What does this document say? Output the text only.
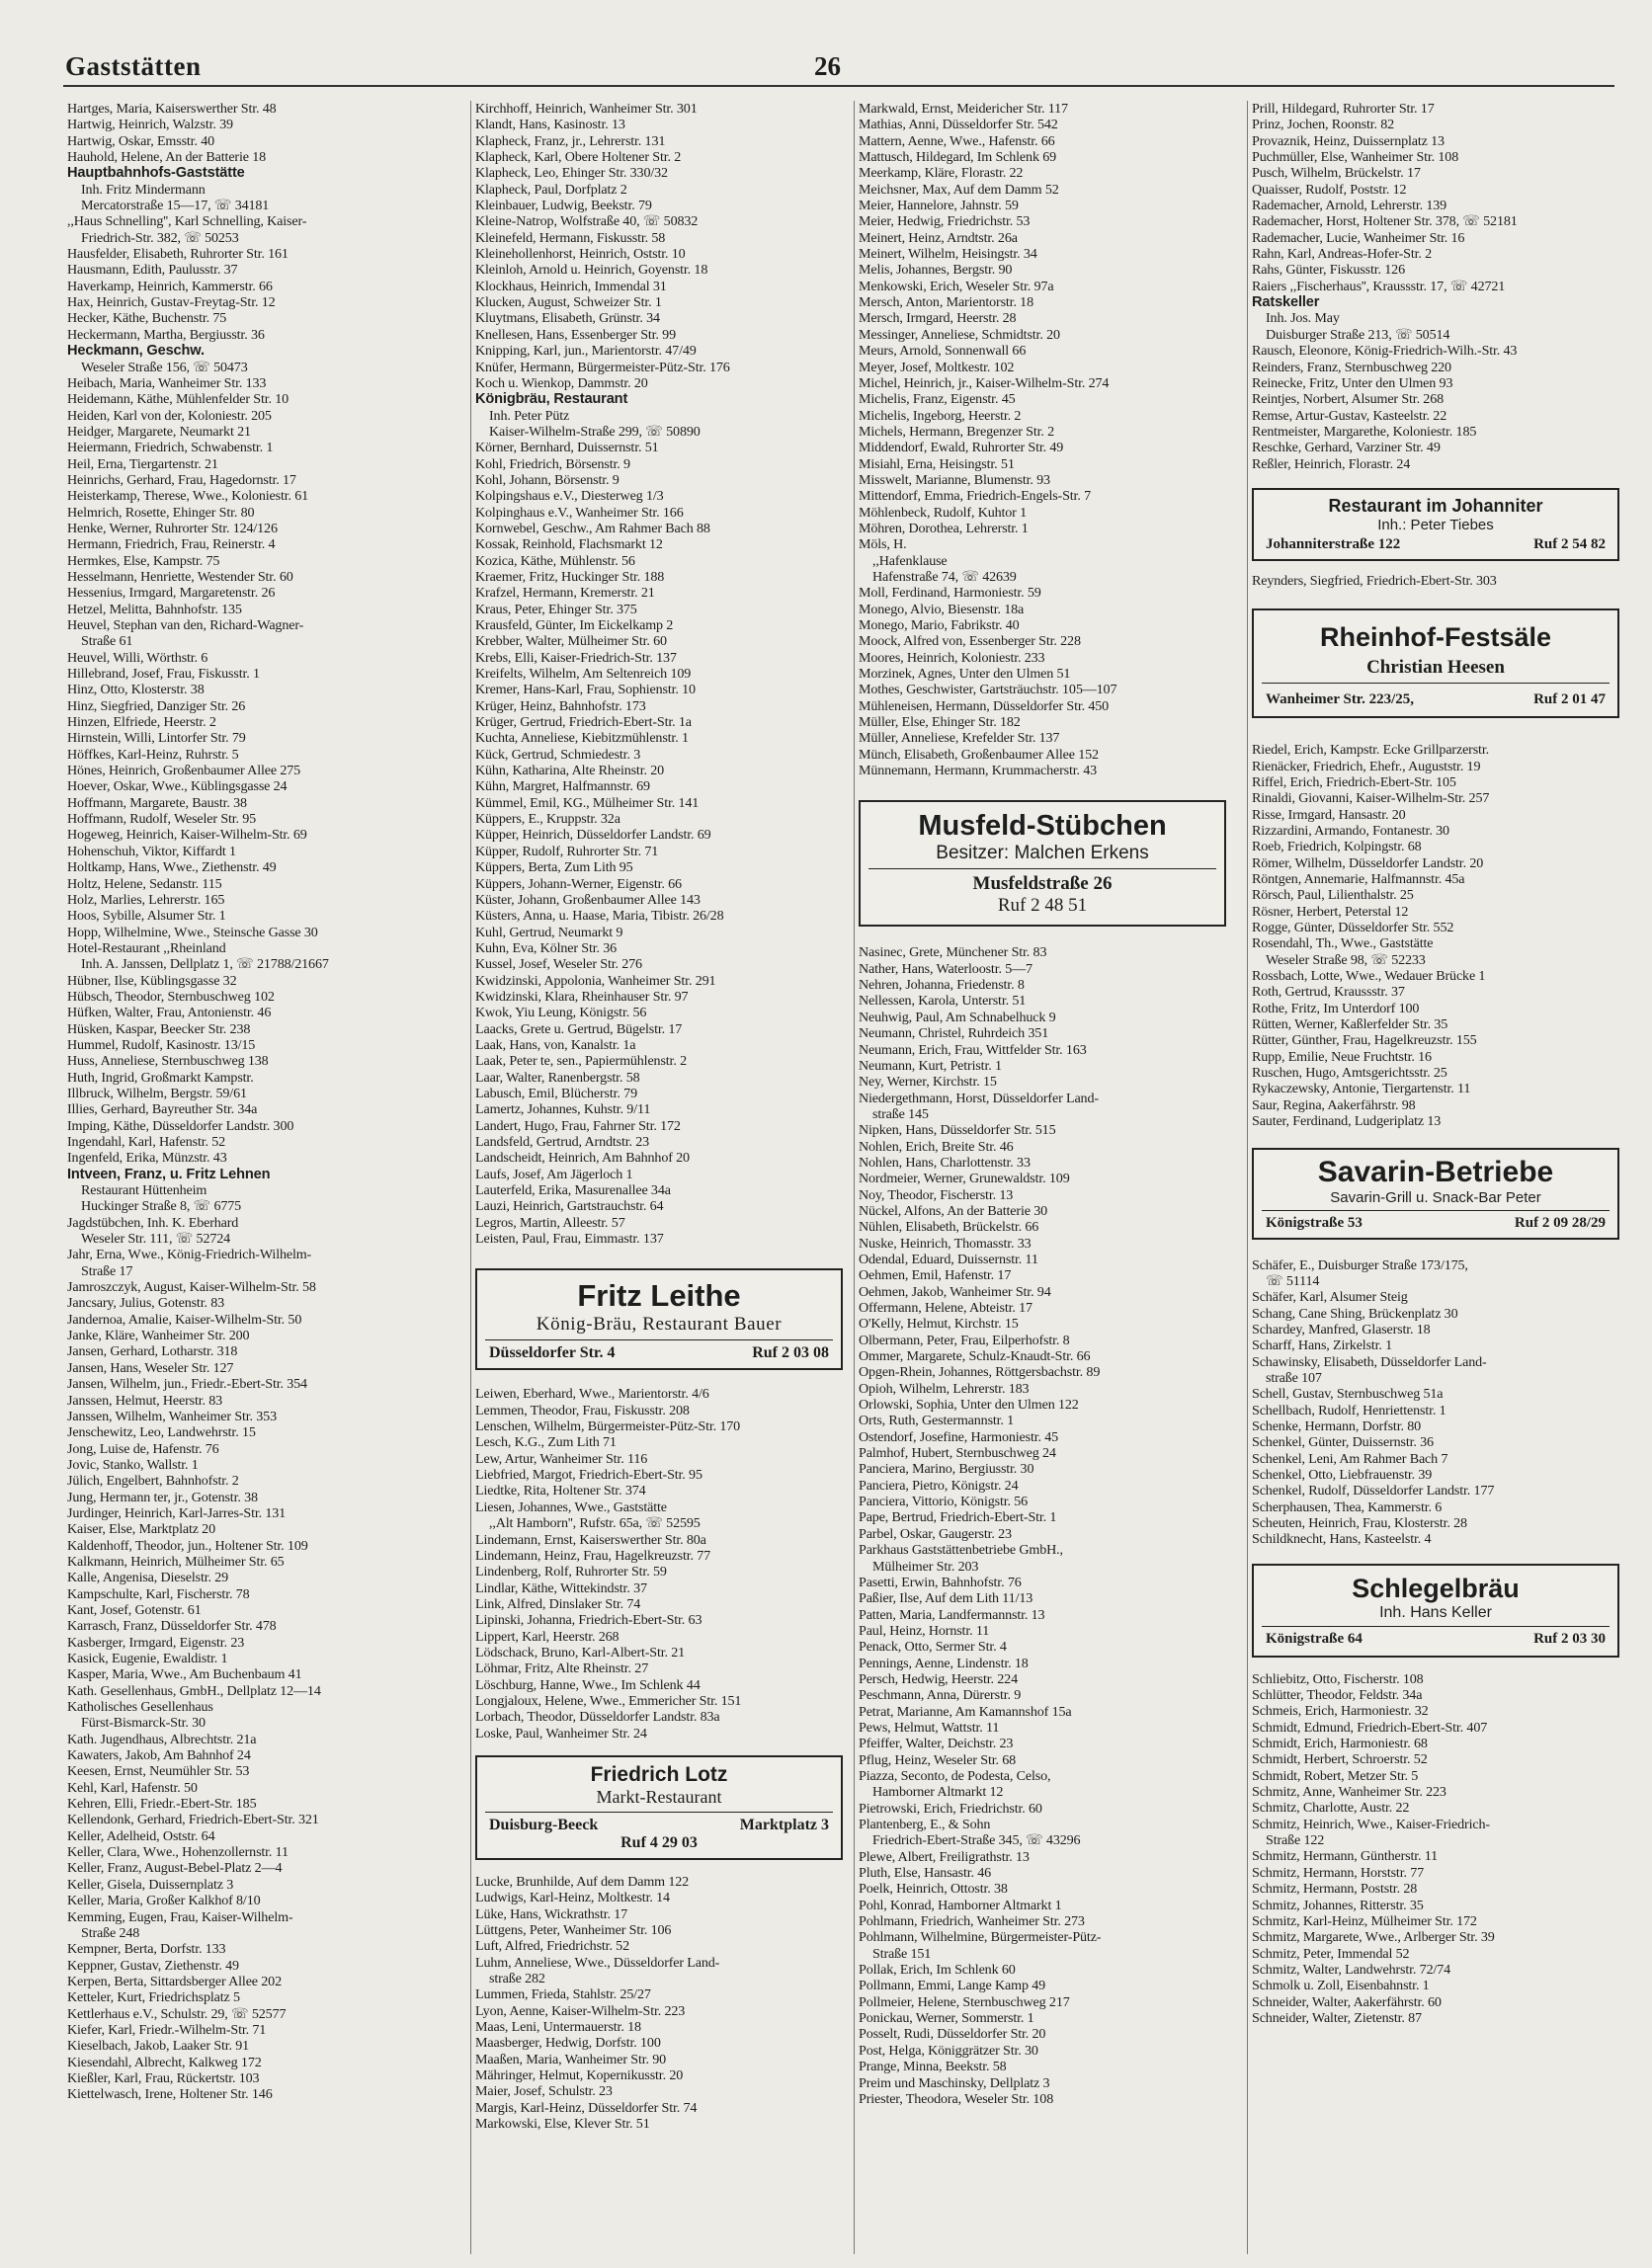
Gaststätten	26
Hartges, Maria, Kaiserswerther Str. 48
Hartwig, Heinrich, Walzstr. 39
Hartwig, Oskar, Emsstr. 40
Hauhold, Helene, An der Batterie 18
Hauptbahnhofs-Gaststätte
Inh. Fritz Mindermann
Mercatorstraße 15—17, ☏ 34181
,,Haus Schnelling'', Karl Schnelling, Kaiser-
Friedrich-Str. 382, ☏ 50253
Hausfelder, Elisabeth, Ruhrorter Str. 161
Hausmann, Edith, Paulusstr. 37
Haverkamp, Heinrich, Kammerstr. 66
Hax, Heinrich, Gustav-Freytag-Str. 12
Hecker, Käthe, Buchenstr. 75
Heckermann, Martha, Bergiusstr. 36
Heckmann, Geschw.
Weseler Straße 156, ☏ 50473
Heibach, Maria, Wanheimer Str. 133
Heidemann, Käthe, Mühlenfelder Str. 10
Heiden, Karl von der, Koloniestr. 205
Heidger, Margarete, Neumarkt 21
Heiermann, Friedrich, Schwabenstr. 1
Heil, Erna, Tiergartenstr. 21
Heinrichs, Gerhard, Frau, Hagedornstr. 17
Heisterkamp, Therese, Wwe., Koloniestr. 61
Helmrich, Rosette, Ehinger Str. 80
Henke, Werner, Ruhrorter Str. 124/126
Hermann, Friedrich, Frau, Reinerstr. 4
Hermkes, Else, Kampstr. 75
Hesselmann, Henriette, Westender Str. 60
Hessenius, Irmgard, Margaretenstr. 26
Hetzel, Melitta, Bahnhofstr. 135
Heuvel, Stephan van den, Richard-Wagner-
Straße 61
Heuvel, Willi, Wörthstr. 6
Hillebrand, Josef, Frau, Fiskusstr. 1
Hinz, Otto, Klosterstr. 38
Hinz, Siegfried, Danziger Str. 26
Hinzen, Elfriede, Heerstr. 2
Hirnstein, Willi, Lintorfer Str. 79
Höffkes, Karl-Heinz, Ruhrstr. 5
Hönes, Heinrich, Großenbaumer Allee 275
Hoever, Oskar, Wwe., Küblingsgasse 24
Hoffmann, Margarete, Baustr. 38
Hoffmann, Rudolf, Weseler Str. 95
Hogeweg, Heinrich, Kaiser-Wilhelm-Str. 69
Hohenschuh, Viktor, Kiffardt 1
Holtkamp, Hans, Wwe., Ziethenstr. 49
Holtz, Helene, Sedanstr. 115
Holz, Marlies, Lehrerstr. 165
Hoos, Sybille, Alsumer Str. 1
Hopp, Wilhelmine, Wwe., Steinsche Gasse 30
Hotel-Restaurant ,,Rheinland
Inh. A. Janssen, Dellplatz 1, ☏ 21788/21667
Hübner, Ilse, Küblingsgasse 32
Hübsch, Theodor, Sternbuschweg 102
Hüfken, Walter, Frau, Antonienstr. 46
Hüsken, Kaspar, Beecker Str. 238
Hummel, Rudolf, Kasinostr. 13/15
Huss, Anneliese, Sternbuschweg 138
Huth, Ingrid, Großmarkt Kampstr.
Illbruck, Wilhelm, Bergstr. 59/61
Illies, Gerhard, Bayreuther Str. 34a
Imping, Käthe, Düsseldorfer Landstr. 300
Ingendahl, Karl, Hafenstr. 52
Ingenfeld, Erika, Münzstr. 43
Intveen, Franz, u. Fritz Lehnen
Restaurant Hüttenheim
Huckinger Straße 8, ☏ 6775
Jagdstübchen, Inh. K. Eberhard
Weseler Str. 111, ☏ 52724
Jahr, Erna, Wwe., König-Friedrich-Wilhelm-
Straße 17
Jamroszczyk, August, Kaiser-Wilhelm-Str. 58
Jancsary, Julius, Gotenstr. 83
Jandernoa, Amalie, Kaiser-Wilhelm-Str. 50
Janke, Kläre, Wanheimer Str. 200
Jansen, Gerhard, Lotharstr. 318
Jansen, Hans, Weseler Str. 127
Jansen, Wilhelm, jun., Friedr.-Ebert-Str. 354
Janssen, Helmut, Heerstr. 83
Janssen, Wilhelm, Wanheimer Str. 353
Jenschewitz, Leo, Landwehrstr. 15
Jong, Luise de, Hafenstr. 76
Jovic, Stanko, Wallstr. 1
Jülich, Engelbert, Bahnhofstr. 2
Jung, Hermann ter, jr., Gotenstr. 38
Jurdinger, Heinrich, Karl-Jarres-Str. 131
Kaiser, Else, Marktplatz 20
Kaldenhoff, Theodor, jun., Holtener Str. 109
Kalkmann, Heinrich, Mülheimer Str. 65
Kalle, Angenisa, Dieselstr. 29
Kampschulte, Karl, Fischerstr. 78
Kant, Josef, Gotenstr. 61
Karrasch, Franz, Düsseldorfer Str. 478
Kasberger, Irmgard, Eigenstr. 23
Kasick, Eugenie, Ewaldistr. 1
Kasper, Maria, Wwe., Am Buchenbaum 41
Kath. Gesellenhaus, GmbH., Dellplatz 12—14
Katholisches Gesellenhaus
Fürst-Bismarck-Str. 30
Kath. Jugendhaus, Albrechtstr. 21a
Kawaters, Jakob, Am Bahnhof 24
Keesen, Ernst, Neumühler Str. 53
Kehl, Karl, Hafenstr. 50
Kehren, Elli, Friedr.-Ebert-Str. 185
Kellendonk, Gerhard, Friedrich-Ebert-Str. 321
Keller, Adelheid, Oststr. 64
Keller, Clara, Wwe., Hohenzollernstr. 11
Keller, Franz, August-Bebel-Platz 2—4
Keller, Gisela, Duissernplatz 3
Keller, Maria, Großer Kalkhof 8/10
Kemming, Eugen, Frau, Kaiser-Wilhelm-
Straße 248
Kempner, Berta, Dorfstr. 133
Keppner, Gustav, Ziethenstr. 49
Kerpen, Berta, Sittardsberger Allee 202
Ketteler, Kurt, Friedrichsplatz 5
Kettlerhaus e.V., Schulstr. 29, ☏ 52577
Kiefer, Karl, Friedr.-Wilhelm-Str. 71
Kieselbach, Jakob, Laaker Str. 91
Kiesendahl, Albrecht, Kalkweg 172
Kießler, Karl, Frau, Rückertstr. 103
Kiettelwasch, Irene, Holtener Str. 146
Kirchhoff, Heinrich, Wanheimer Str. 301
Klandt, Hans, Kasinostr. 13
Klapheck, Franz, jr., Lehrerstr. 131
Klapheck, Karl, Obere Holtener Str. 2
Klapheck, Leo, Ehinger Str. 330/32
Klapheck, Paul, Dorfplatz 2
Kleinbauer, Ludwig, Beekstr. 79
Kleine-Natrop, Wolfstraße 40, ☏ 50832
Kleinefeld, Hermann, Fiskusstr. 58
Kleinehollenhorst, Heinrich, Oststr. 10
Kleinloh, Arnold u. Heinrich, Goyenstr. 18
Klockhaus, Heinrich, Immendal 31
Klucken, August, Schweizer Str. 1
Kluytmans, Elisabeth, Grünstr. 34
Knellesen, Hans, Essenberger Str. 99
Knipping, Karl, jun., Marientorstr. 47/49
Knüfer, Hermann, Bürgermeister-Pütz-Str. 176
Koch u. Wienkop, Dammstr. 20
Königbräu, Restaurant
Inh. Peter Pütz
Kaiser-Wilhelm-Straße 299, ☏ 50890
Körner, Bernhard, Duissernstr. 51
Kohl, Friedrich, Börsenstr. 9
Kohl, Johann, Börsenstr. 9
Kolpingshaus e.V., Diesterweg 1/3
Kolpinghaus e.V., Wanheimer Str. 166
Kornwebel, Geschw., Am Rahmer Bach 88
Kossak, Reinhold, Flachsmarkt 12
Kozica, Käthe, Mühlenstr. 56
Kraemer, Fritz, Huckinger Str. 188
Krafzel, Hermann, Kremerstr. 21
Kraus, Peter, Ehinger Str. 375
Krausfeld, Günter, Im Eickelkamp 2
Krebber, Walter, Mülheimer Str. 60
Krebs, Elli, Kaiser-Friedrich-Str. 137
Kreifelts, Wilhelm, Am Seltenreich 109
Kremer, Hans-Karl, Frau, Sophienstr. 10
Krüger, Heinz, Bahnhofstr. 173
Krüger, Gertrud, Friedrich-Ebert-Str. 1a
Kuchta, Anneliese, Kiebitzmühlenstr. 1
Kück, Gertrud, Schmiedestr. 3
Kühn, Katharina, Alte Rheinstr. 20
Kühn, Margret, Halfmannstr. 69
Kümmel, Emil, KG., Mülheimer Str. 141
Küppers, E., Kruppstr. 32a
Küpper, Heinrich, Düsseldorfer Landstr. 69
Küpper, Rudolf, Ruhrorter Str. 71
Küppers, Berta, Zum Lith 95
Küppers, Johann-Werner, Eigenstr. 66
Küster, Johann, Großenbaumer Allee 143
Küsters, Anna, u. Haase, Maria, Tibistr. 26/28
Kuhl, Gertrud, Neumarkt 9
Kuhn, Eva, Kölner Str. 36
Kussel, Josef, Weseler Str. 276
Kwidzinski, Appolonia, Wanheimer Str. 291
Kwidzinski, Klara, Rheinhauser Str. 97
Kwok, Yiu Leung, Königstr. 56
Laacks, Grete u. Gertrud, Bügelstr. 17
Laak, Hans, von, Kanalstr. 1a
Laak, Peter te, sen., Papiermühlenstr. 2
Laar, Walter, Ranenbergstr. 58
Labusch, Emil, Blücherstr. 79
Lamertz, Johannes, Kuhstr. 9/11
Landert, Hugo, Frau, Fahrner Str. 172
Landsfeld, Gertrud, Arndtstr. 23
Landscheidt, Heinrich, Am Bahnhof 20
Laufs, Josef, Am Jägerloch 1
Lauterfeld, Erika, Masurenallee 34a
Lauzi, Heinrich, Gartstrauchstr. 64
Legros, Martin, Alleestr. 57
Leisten, Paul, Frau, Eimmastr. 137
Fritz Leithe
König-Bräu, Restaurant Bauer
Düsseldorfer Str. 4	Ruf 2 03 08
Leiwen, Eberhard, Wwe., Marientorstr. 4/6
Lemmen, Theodor, Frau, Fiskusstr. 208
Lenschen, Wilhelm, Bürgermeister-Pütz-Str. 170
Lesch, K.G., Zum Lith 71
Lew, Artur, Wanheimer Str. 116
Liebfried, Margot, Friedrich-Ebert-Str. 95
Liedtke, Rita, Holtener Str. 374
Liesen, Johannes, Wwe., Gaststätte
,,Alt Hamborn'', Rufstr. 65a, ☏ 52595
Lindemann, Ernst, Kaiserswerther Str. 80a
Lindemann, Heinz, Frau, Hagelkreuzstr. 77
Lindenberg, Rolf, Ruhrorter Str. 59
Lindlar, Käthe, Wittekindstr. 37
Link, Alfred, Dinslaker Str. 74
Lipinski, Johanna, Friedrich-Ebert-Str. 63
Lippert, Karl, Heerstr. 268
Lödschack, Bruno, Karl-Albert-Str. 21
Löhmar, Fritz, Alte Rheinstr. 27
Löschburg, Hanne, Wwe., Im Schlenk 44
Longjaloux, Helene, Wwe., Emmericher Str. 151
Lorbach, Theodor, Düsseldorfer Landstr. 83a
Loske, Paul, Wanheimer Str. 24
Friedrich Lotz
Markt-Restaurant
Duisburg-Beeck	Marktplatz 3
Ruf 4 29 03
Lucke, Brunhilde, Auf dem Damm 122
Ludwigs, Karl-Heinz, Moltkestr. 14
Lüke, Hans, Wickrathstr. 17
Lüttgens, Peter, Wanheimer Str. 106
Luft, Alfred, Friedrichstr. 52
Luhm, Anneliese, Wwe., Düsseldorfer Land-
straße 282
Lummen, Frieda, Stahlstr. 25/27
Lyon, Aenne, Kaiser-Wilhelm-Str. 223
Maas, Leni, Untermauerstr. 18
Maasberger, Hedwig, Dorfstr. 100
Maaßen, Maria, Wanheimer Str. 90
Mähringer, Helmut, Kopernikusstr. 20
Maier, Josef, Schulstr. 23
Margis, Karl-Heinz, Düsseldorfer Str. 74
Markowski, Else, Klever Str. 51
Markwald, Ernst, Meidericher Str. 117
Mathias, Anni, Düsseldorfer Str. 542
Mattern, Aenne, Wwe., Hafenstr. 66
Mattusch, Hildegard, Im Schlenk 69
Meerkamp, Kläre, Florastr. 22
Meichsner, Max, Auf dem Damm 52
Meier, Hannelore, Jahnstr. 59
Meier, Hedwig, Friedrichstr. 53
Meinert, Heinz, Arndtstr. 26a
Meinert, Wilhelm, Heisingstr. 34
Melis, Johannes, Bergstr. 90
Menkowski, Erich, Weseler Str. 97a
Mersch, Anton, Marientorstr. 18
Mersch, Irmgard, Heerstr. 28
Messinger, Anneliese, Schmidtstr. 20
Meurs, Arnold, Sonnenwall 66
Meyer, Josef, Moltkestr. 102
Michel, Heinrich, jr., Kaiser-Wilhelm-Str. 274
Michelis, Franz, Eigenstr. 45
Michelis, Ingeborg, Heerstr. 2
Michels, Hermann, Bregenzer Str. 2
Middendorf, Ewald, Ruhrorter Str. 49
Misiahl, Erna, Heisingstr. 51
Misswelt, Marianne, Blumenstr. 93
Mittendorf, Emma, Friedrich-Engels-Str. 7
Möhlenbeck, Rudolf, Kuhtor 1
Möhren, Dorothea, Lehrerstr. 1
Möls, H.
,,Hafenklause
Hafenstraße 74, ☏ 42639
Moll, Ferdinand, Harmoniestr. 59
Monego, Alvio, Biesenstr. 18a
Monego, Mario, Fabrikstr. 40
Moock, Alfred von, Essenberger Str. 228
Moores, Heinrich, Koloniestr. 233
Morzinek, Agnes, Unter den Ulmen 51
Mothes, Geschwister, Gartsträuchstr. 105—107
Mühleneisen, Hermann, Düsseldorfer Str. 450
Müller, Else, Ehinger Str. 182
Müller, Anneliese, Krefelder Str. 137
Münch, Elisabeth, Großenbaumer Allee 152
Münnemann, Hermann, Krummacherstr. 43
Musfeld-Stübchen
Besitzer: Malchen Erkens
Musfeldstraße 26
Ruf 2 48 51
Nasinec, Grete, Münchener Str. 83
Nather, Hans, Waterloostr. 5—7
Nehren, Johanna, Friedenstr. 8
Nellessen, Karola, Unterstr. 51
Neuhwig, Paul, Am Schnabelhuck 9
Neumann, Christel, Ruhrdeich 351
Neumann, Erich, Frau, Wittfelder Str. 163
Neumann, Kurt, Petristr. 1
Ney, Werner, Kirchstr. 15
Niedergethmann, Horst, Düsseldorfer Land-
straße 145
Nipken, Hans, Düsseldorfer Str. 515
Nohlen, Erich, Breite Str. 46
Nohlen, Hans, Charlottenstr. 33
Nordmeier, Werner, Grunewaldstr. 109
Noy, Theodor, Fischerstr. 13
Nückel, Alfons, An der Batterie 30
Nühlen, Elisabeth, Brückelstr. 66
Nuske, Heinrich, Thomasstr. 33
Odendal, Eduard, Duissernstr. 11
Oehmen, Emil, Hafenstr. 17
Oehmen, Jakob, Wanheimer Str. 94
Offermann, Helene, Abteistr. 17
O'Kelly, Helmut, Kirchstr. 15
Olbermann, Peter, Frau, Eilperhofstr. 8
Ommer, Margarete, Schulz-Knaudt-Str. 66
Opgen-Rhein, Johannes, Röttgersbachstr. 89
Opioh, Wilhelm, Lehrerstr. 183
Orlowski, Sophia, Unter den Ulmen 122
Orts, Ruth, Gestermannstr. 1
Ostendorf, Josefine, Harmoniestr. 45
Palmhof, Hubert, Sternbuschweg 24
Panciera, Marino, Bergiusstr. 30
Panciera, Pietro, Königstr. 24
Panciera, Vittorio, Königstr. 56
Pape, Bertrud, Friedrich-Ebert-Str. 1
Parbel, Oskar, Gaugerstr. 23
Parkhaus Gaststättenbetriebe GmbH.,
Mülheimer Str. 203
Pasetti, Erwin, Bahnhofstr. 76
Paßier, Ilse, Auf dem Lith 11/13
Patten, Maria, Landfermannstr. 13
Paul, Heinz, Hornstr. 11
Penack, Otto, Sermer Str. 4
Pennings, Aenne, Lindenstr. 18
Persch, Hedwig, Heerstr. 224
Peschmann, Anna, Dürerstr. 9
Petrat, Marianne, Am Kamannshof 15a
Pews, Helmut, Wattstr. 11
Pfeiffer, Walter, Deichstr. 23
Pflug, Heinz, Weseler Str. 68
Piazza, Seconto, de Podesta, Celso,
Hamborner Altmarkt 12
Pietrowski, Erich, Friedrichstr. 60
Plantenberg, E., & Sohn
Friedrich-Ebert-Straße 345, ☏ 43296
Plewe, Albert, Freiligrathstr. 13
Pluth, Else, Hansastr. 46
Poelk, Heinrich, Ottostr. 38
Pohl, Konrad, Hamborner Altmarkt 1
Pohlmann, Friedrich, Wanheimer Str. 273
Pohlmann, Wilhelmine, Bürgermeister-Pütz-
Straße 151
Pollak, Erich, Im Schlenk 60
Pollmann, Emmi, Lange Kamp 49
Pollmeier, Helene, Sternbuschweg 217
Ponickau, Werner, Sommerstr. 1
Posselt, Rudi, Düsseldorfer Str. 20
Post, Helga, Königgrätzer Str. 30
Prange, Minna, Beekstr. 58
Preim und Maschinsky, Dellplatz 3
Priester, Theodora, Weseler Str. 108
Prill, Hildegard, Ruhrorter Str. 17
Prinz, Jochen, Roonstr. 82
Provaznik, Heinz, Duissernplatz 13
Puchmüller, Else, Wanheimer Str. 108
Pusch, Wilhelm, Brückelstr. 17
Quaisser, Rudolf, Poststr. 12
Rademacher, Arnold, Lehrerstr. 139
Rademacher, Horst, Holtener Str. 378, ☏ 52181
Rademacher, Lucie, Wanheimer Str. 16
Rahn, Karl, Andreas-Hofer-Str. 2
Rahs, Günter, Fiskusstr. 126
Raiers ,,Fischerhaus'', Kraussstr. 17, ☏ 42721
Ratskeller
Inh. Jos. May
Duisburger Straße 213, ☏ 50514
Rausch, Eleonore, König-Friedrich-Wilh.-Str. 43
Reinders, Franz, Sternbuschweg 220
Reinecke, Fritz, Unter den Ulmen 93
Reintjes, Norbert, Alsumer Str. 268
Remse, Artur-Gustav, Kasteelstr. 22
Rentmeister, Margarethe, Koloniestr. 185
Reschke, Gerhard, Varziner Str. 49
Reßler, Heinrich, Florastr. 24
Restaurant im Johanniter
Inh.: Peter Tiebes
Johanniterstraße 122	Ruf 2 54 82
Reynders, Siegfried, Friedrich-Ebert-Str. 303
Rheinhof-Festsäle
Christian Heesen
Wanheimer Str. 223/25,	Ruf 2 01 47
Riedel, Erich, Kampstr. Ecke Grillparzerstr.
Rienäcker, Friedrich, Ehefr., Auguststr. 19
Riffel, Erich, Friedrich-Ebert-Str. 105
Rinaldi, Giovanni, Kaiser-Wilhelm-Str. 257
Risse, Irmgard, Hansastr. 20
Rizzardini, Armando, Fontanestr. 30
Roeb, Friedrich, Kolpingstr. 68
Römer, Wilhelm, Düsseldorfer Landstr. 20
Röntgen, Annemarie, Halfmannstr. 45a
Rörsch, Paul, Lilienthalstr. 25
Rösner, Herbert, Peterstal 12
Rogge, Günter, Düsseldorfer Str. 552
Rosendahl, Th., Wwe., Gaststätte
Weseler Straße 98, ☏ 52233
Rossbach, Lotte, Wwe., Wedauer Brücke 1
Roth, Gertrud, Kraussstr. 37
Rothe, Fritz, Im Unterdorf 100
Rütten, Werner, Kaßlerfelder Str. 35
Rütter, Günther, Frau, Hagelkreuzstr. 155
Rupp, Emilie, Neue Fruchtstr. 16
Ruschen, Hugo, Amtsgerichtsstr. 25
Rykaczewsky, Antonie, Tiergartenstr. 11
Saur, Regina, Aakerfährstr. 98
Sauter, Ferdinand, Ludgeriplatz 13
Savarin-Betriebe
Savarin-Grill u. Snack-Bar Peter
Königstraße 53	Ruf 2 09 28/29
Schäfer, E., Duisburger Straße 173/175,
☏ 51114
Schäfer, Karl, Alsumer Steig
Schang, Cane Shing, Brückenplatz 30
Schardey, Manfred, Glaserstr. 18
Scharff, Hans, Zirkelstr. 1
Schawinsky, Elisabeth, Düsseldorfer Land-
straße 107
Schell, Gustav, Sternbuschweg 51a
Schellbach, Rudolf, Henriettenstr. 1
Schenke, Hermann, Dorfstr. 80
Schenkel, Günter, Duissernstr. 36
Schenkel, Leni, Am Rahmer Bach 7
Schenkel, Otto, Liebfrauenstr. 39
Schenkel, Rudolf, Düsseldorfer Landstr. 177
Scherphausen, Thea, Kammerstr. 6
Scheuten, Heinrich, Frau, Klosterstr. 28
Schildknecht, Hans, Kasteelstr. 4
Schlegelbräu
Inh. Hans Keller
Königstraße 64	Ruf 2 03 30
Schliebitz, Otto, Fischerstr. 108
Schlütter, Theodor, Feldstr. 34a
Schmeis, Erich, Harmoniestr. 32
Schmidt, Edmund, Friedrich-Ebert-Str. 407
Schmidt, Erich, Harmoniestr. 68
Schmidt, Herbert, Schroerstr. 52
Schmidt, Robert, Metzer Str. 5
Schmitz, Anne, Wanheimer Str. 223
Schmitz, Charlotte, Austr. 22
Schmitz, Heinrich, Wwe., Kaiser-Friedrich-
Straße 122
Schmitz, Hermann, Güntherstr. 11
Schmitz, Hermann, Horststr. 77
Schmitz, Hermann, Poststr. 28
Schmitz, Johannes, Ritterstr. 35
Schmitz, Karl-Heinz, Mülheimer Str. 172
Schmitz, Margarete, Wwe., Arlberger Str. 39
Schmitz, Peter, Immendal 52
Schmitz, Walter, Landwehrstr. 72/74
Schmolk u. Zoll, Eisenbahnstr. 1
Schneider, Walter, Aakerfährstr. 60
Schneider, Walter, Zietenstr. 87
